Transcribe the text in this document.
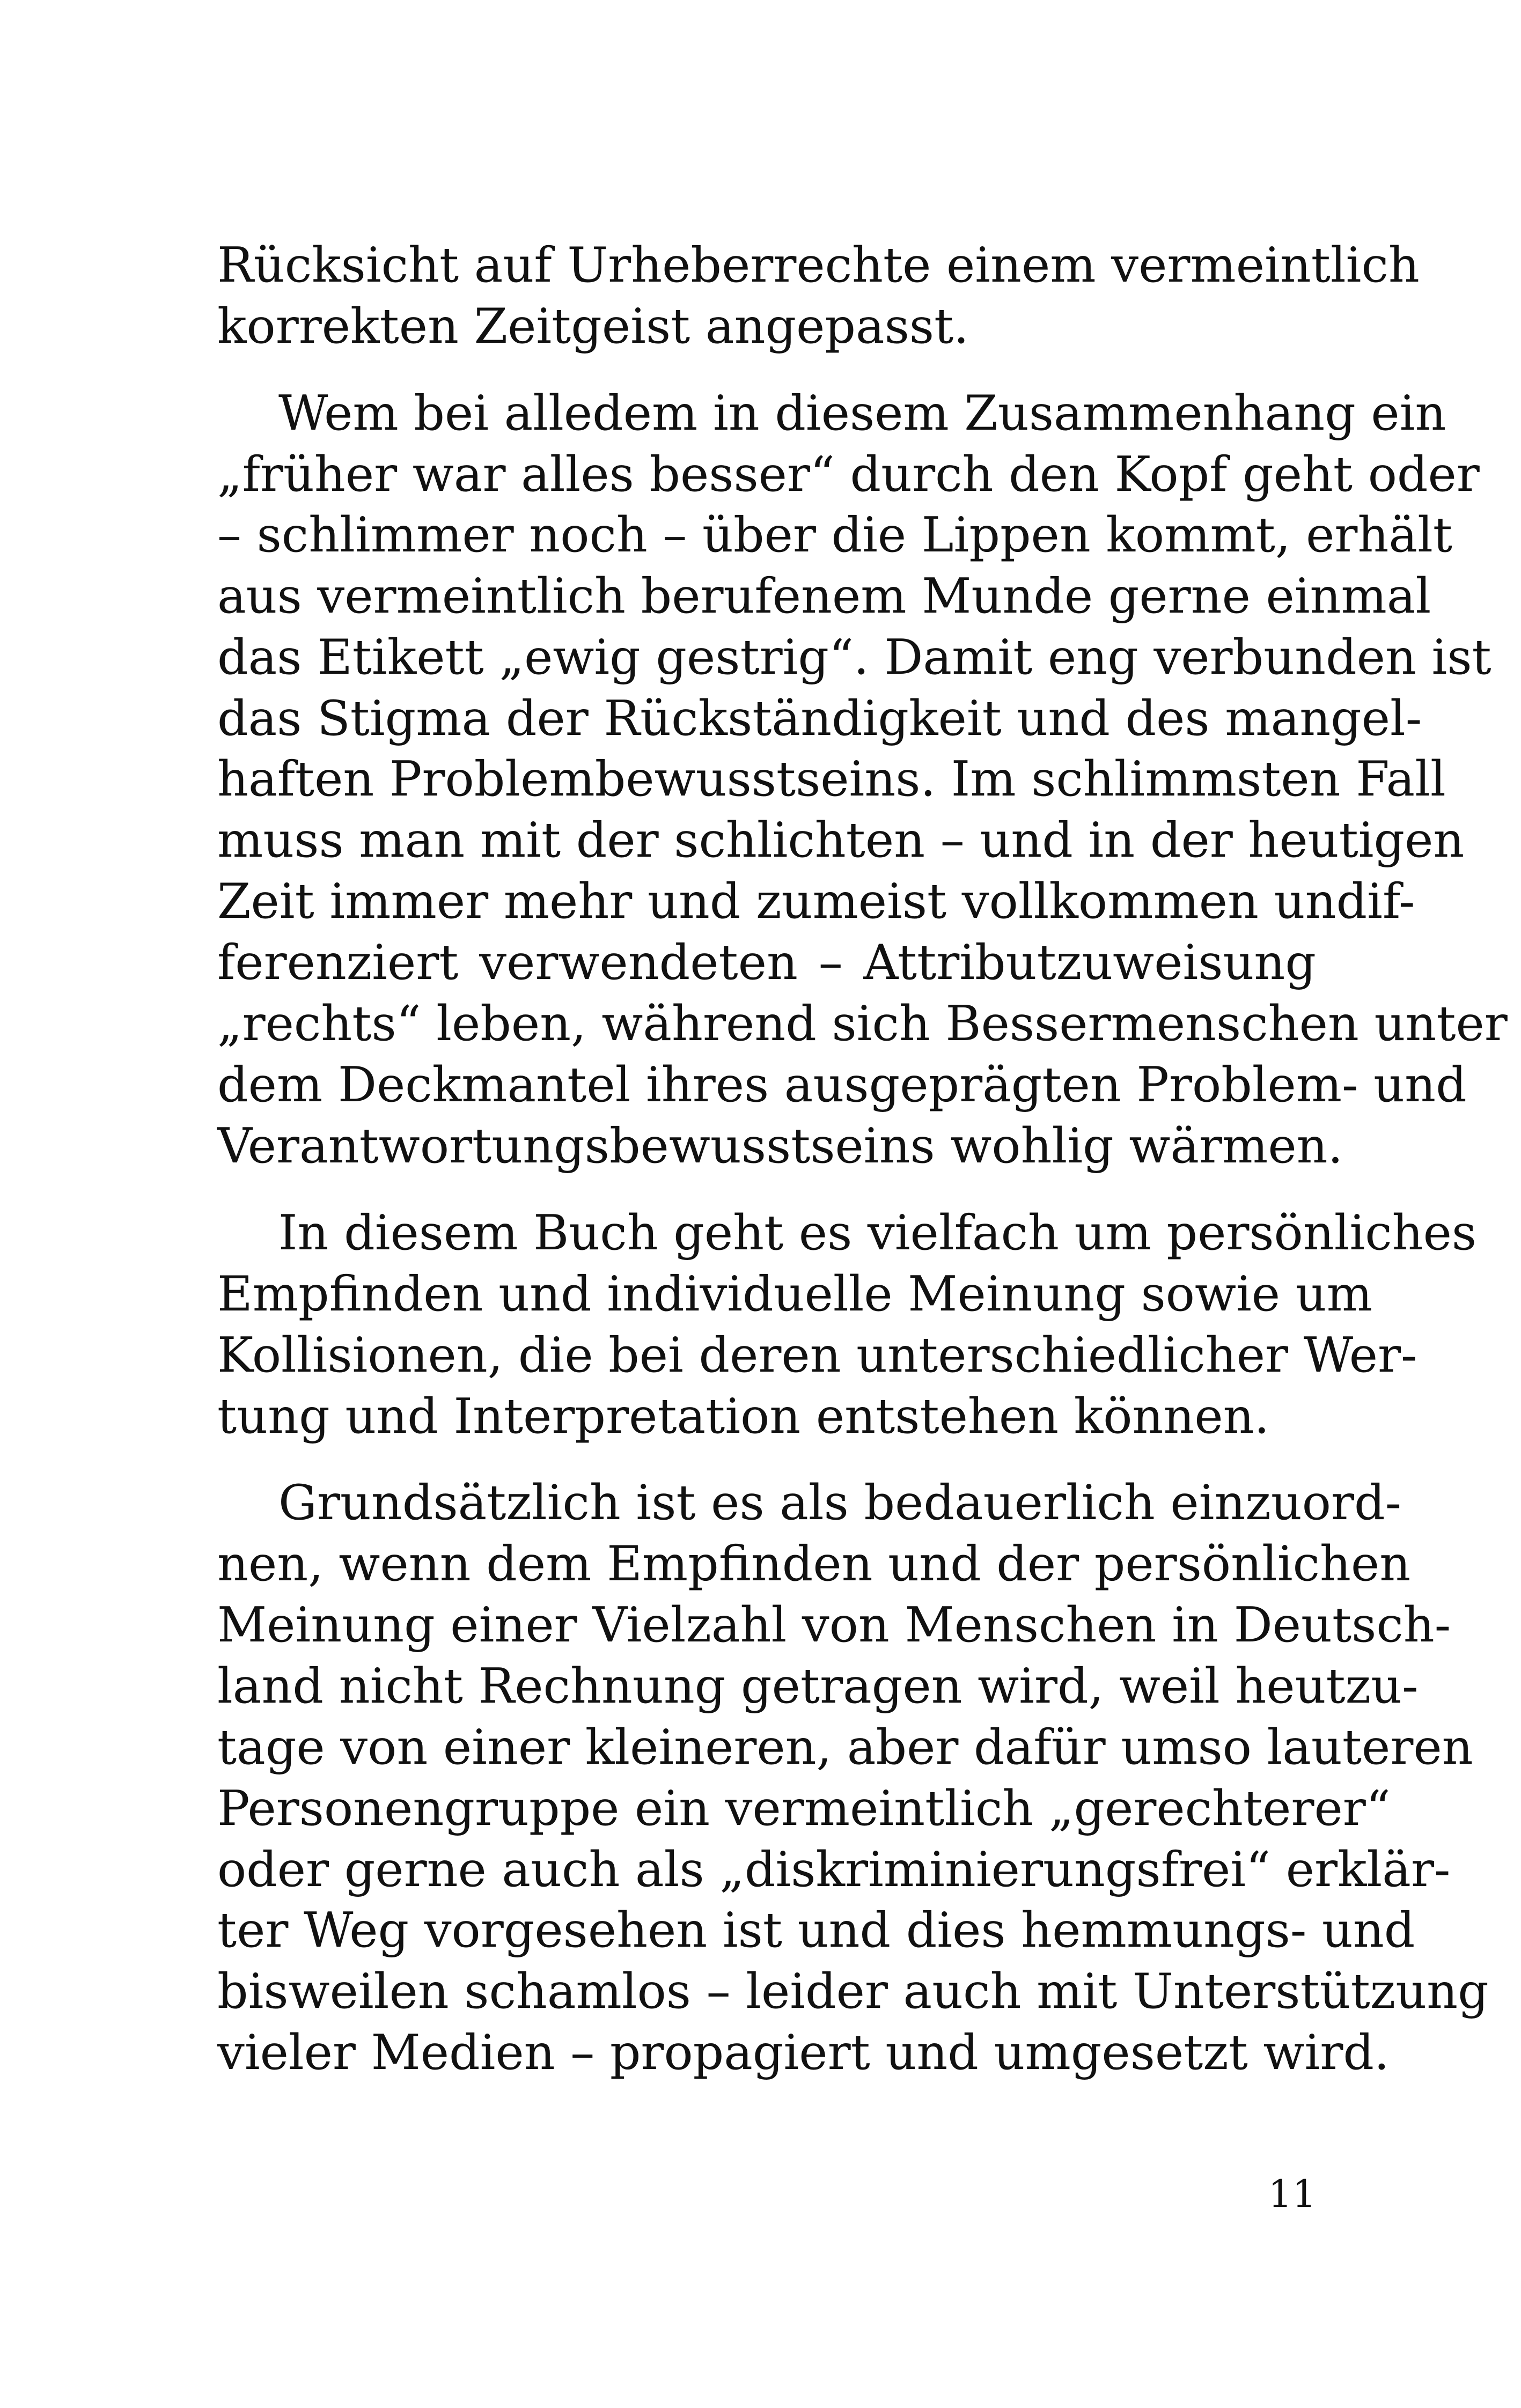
Rücksicht auf Urheberrechte einem vermeintlich
korrekten Zeitgeist angepasst.
Wem bei alledem in diesem Zusammenhang ein
„früher war alles besser“ durch den Kopf geht oder
– schlimmer noch – über die Lippen kommt, erhält
aus vermeintlich berufenem Munde gerne einmal
das Etikett „ewig gestrig“. Damit eng verbunden ist
das Stigma der Rückständigkeit und des mangel-
haften Problembewusstseins. Im schlimmsten Fall
muss man mit der schlichten – und in der heutigen
Zeit immer mehr und zumeist vollkommen undif-
ferenziert verwendeten – Attributzuweisung
„rechts“ leben, während sich Bessermenschen unter
dem Deckmantel ihres ausgeprägten Problem- und
Verantwortungsbewusstseins wohlig wärmen.
In diesem Buch geht es vielfach um persönliches
Empfinden und individuelle Meinung sowie um
Kollisionen, die bei deren unterschiedlicher Wer-
tung und Interpretation entstehen können.
Grundsätzlich ist es als bedauerlich einzuord-
nen, wenn dem Empfinden und der persönlichen
Meinung einer Vielzahl von Menschen in Deutsch-
land nicht Rechnung getragen wird, weil heutzu-
tage von einer kleineren, aber dafür umso lauteren
Personengruppe ein vermeintlich „gerechterer“
oder gerne auch als „diskriminierungsfrei“ erklär-
ter Weg vorgesehen ist und dies hemmungs- und
bisweilen schamlos – leider auch mit Unterstützung
vieler Medien – propagiert und umgesetzt wird.
11
